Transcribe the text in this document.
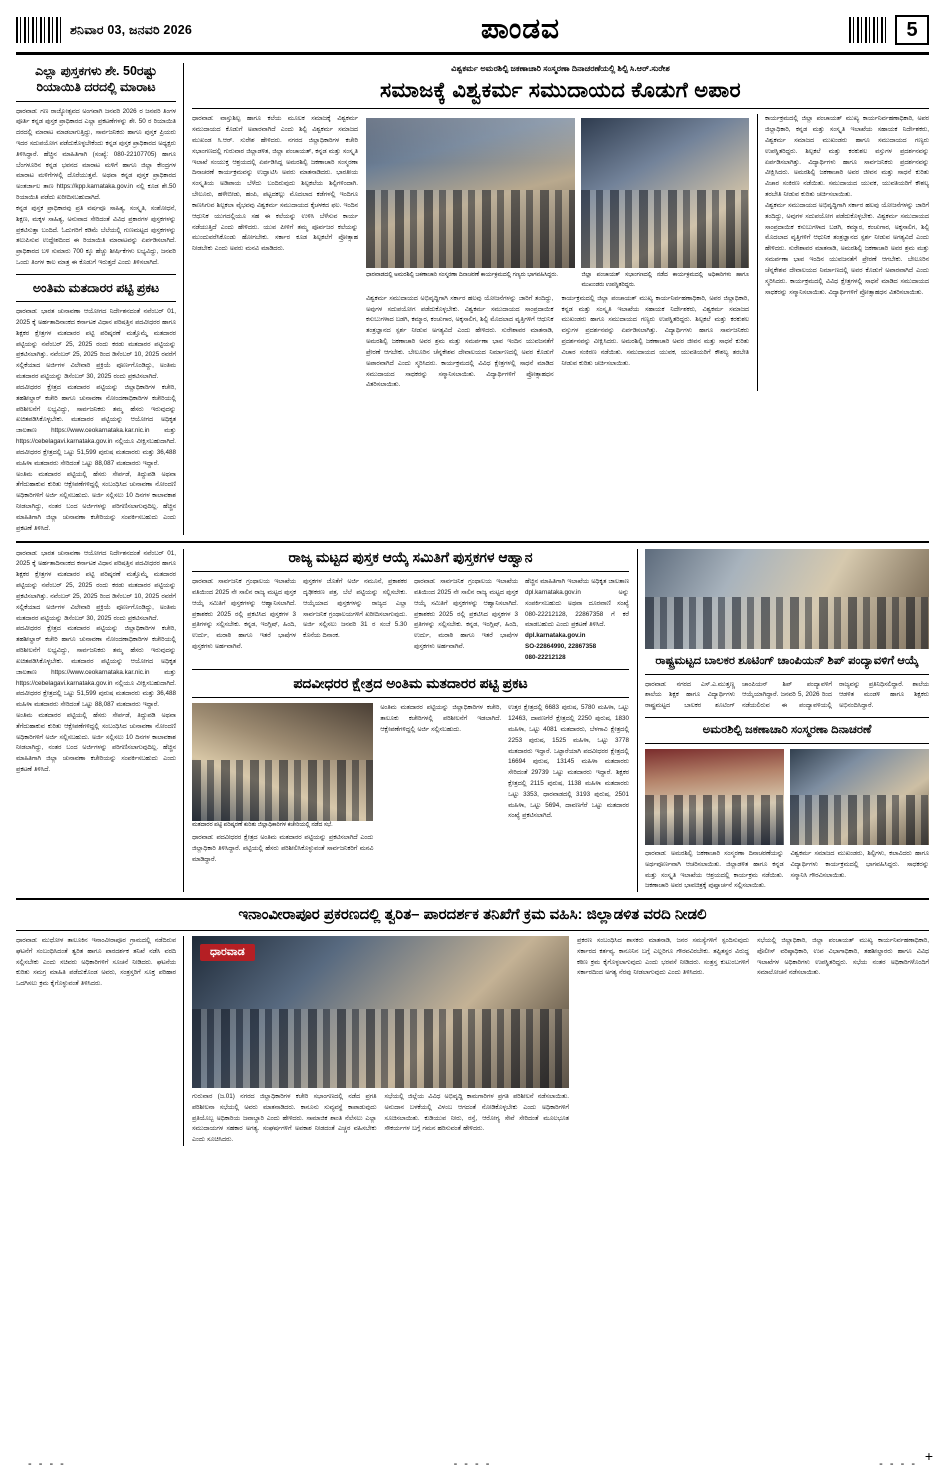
ಶನಿವಾರ 03, ಜನವರಿ 2026	ಪಾಂಡವ	5
ಎಲ್ಲಾ ಪುಸ್ತಕಗಳು ಶೇ. 50ರಷ್ಟು ರಿಯಾಯಿತಿ ದರದಲ್ಲಿ ಮಾರಾಟ
ಧಾರವಾಡ: ಗಣ ರಾಜ್ಯೋತ್ಸವದ ಅಂಗವಾಗಿ ಜನವರಿ 2026 ರ ಜನವರಿ ತಿಂಗಳ ಪೂರ್ತಿ ಕನ್ನಡ ಪುಸ್ತಕ ಪ್ರಾಧಿಕಾರದ ಎಲ್ಲಾ ಪ್ರಕಟಣೆಗಳನ್ನು ಶೇ. 50 ರ ರಿಯಾಯಿತಿ ದರದಲ್ಲಿ ಮಾರಾಟ ಮಾಡಲಾಗುತ್ತಿದ್ದು, ಸಾರ್ವಜನಿಕರು ಹಾಗೂ ಪುಸ್ತಕ ಪ್ರಿಯರು ಇದರ ಸದುಪಯೋಗ ಪಡೆದುಕೊಳ್ಳಬೇಕೆಂದು ಕನ್ನಡ ಪುಸ್ತಕ ಪ್ರಾಧಿಕಾರದ ಅಧ್ಯಕ್ಷರು ತಿಳಿಸಿದ್ದಾರೆ. ಹೆಚ್ಚಿನ ಮಾಹಿತಿಗಾಗಿ (ಸಂಖ್ಯೆ: 080-22107705) ಹಾಗೂ ಬೆಂಗಳೂರಿನ ಕನ್ನಡ ಭವನದ ಮಾರಾಟ ಮಳಿಗೆ ಹಾಗೂ ಜಿಲ್ಲಾ ಕೇಂದ್ರಗಳ ಮಾರಾಟ ಮಳಿಗೆಗಳಲ್ಲಿ ದೊರೆಯುತ್ತವೆ. ಅಥವಾ ಕನ್ನಡ ಪುಸ್ತಕ ಪ್ರಾಧಿಕಾರದ ಅಂತರ್ಜಾಲ ತಾಣ https://kpp.karnataka.gov.in ನಲ್ಲಿ ಕೂಡ ಶೇ.50 ರಿಯಾಯಿತಿ ಪಡೆದು ಖರೀದಿಸಬಹುದಾಗಿದೆ.
ಕನ್ನಡ ಪುಸ್ತಕ ಪ್ರಾಧಿಕಾರವು ಪ್ರತಿ ವರ್ಷವೂ ಸಾಹಿತ್ಯ, ಸಂಸ್ಕೃತಿ, ಸಂಶೋಧನೆ, ಶಿಕ್ಷಣ, ಮಕ್ಕಳ ಸಾಹಿತ್ಯ, ಅನುವಾದ ಸೇರಿದಂತೆ ವಿವಿಧ ಪ್ರಕಾರಗಳ ಪುಸ್ತಕಗಳನ್ನು ಪ್ರಕಟಿಸುತ್ತಾ ಬಂದಿದೆ. ಓದುಗರಿಗೆ ಕಡಿಮೆ ಬೆಲೆಯಲ್ಲಿ ಗುಣಮಟ್ಟದ ಪುಸ್ತಕಗಳನ್ನು ತಲುಪಿಸುವ ಉದ್ದೇಶದಿಂದ ಈ ರಿಯಾಯಿತಿ ಮಾರಾಟವನ್ನು ಏರ್ಪಡಿಸಲಾಗಿದೆ. ಪ್ರಾಧಿಕಾರದ ಬಳಿ ಸುಮಾರು 700 ಕ್ಕೂ ಹೆಚ್ಚು ಶೀರ್ಷಿಕೆಗಳು ಲಭ್ಯವಿದ್ದು, ಜನವರಿ ಒಂದು ತಿಂಗಳ ಕಾಲ ಮಾತ್ರ ಈ ಕೊಡುಗೆ ಇರುತ್ತದೆ ಎಂದು ತಿಳಿಸಲಾಗಿದೆ.
ಅಂತಿಮ ಮತದಾರರ ಪಟ್ಟಿ ಪ್ರಕಟ
ಧಾರವಾಡ: ಭಾರತ ಚುನಾವಣಾ ಆಯೋಗದ ನಿರ್ದೇಶನದಂತೆ ನವೆಂಬರ್ 01, 2025 ಕ್ಕೆ ಅರ್ಹತಾದಿನಾಂಕದ ಕರ್ನಾಟಕ ವಿಧಾನ ಪರಿಷತ್ತಿನ ಪದವೀಧರರ ಹಾಗೂ ಶಿಕ್ಷಕರ ಕ್ಷೇತ್ರಗಳ ಮತದಾರರ ಪಟ್ಟಿ ಪರಿಷ್ಕರಣೆ ಮತ್ತೊಮ್ಮೆ ಮತದಾರರ ಪಟ್ಟಿಯನ್ನು ನವೆಂಬರ್ 25, 2025 ರಂದು ಕರಡು ಮತದಾರರ ಪಟ್ಟಿಯನ್ನು ಪ್ರಕಟಿಸಲಾಗಿತ್ತು. ನವೆಂಬರ್ 25, 2025 ರಿಂದ ಡಿಸೆಂಬರ್ 10, 2025 ರವರೆಗೆ ಸಲ್ಲಿಕೆಯಾದ ಅರ್ಜಿಗಳ ವಿಲೇವಾರಿ ಪ್ರಕ್ರಿಯೆ ಪೂರ್ಣಗೊಂಡಿದ್ದು, ಅಂತಿಮ ಮತದಾರರ ಪಟ್ಟಿಯನ್ನು ಡಿಸೆಂಬರ್ 30, 2025 ರಂದು ಪ್ರಕಟಿಸಲಾಗಿದೆ.
ಪದವೀಧರರ ಕ್ಷೇತ್ರದ ಮತದಾರರ ಪಟ್ಟಿಯನ್ನು ಜಿಲ್ಲಾಧಿಕಾರಿಗಳ ಕಚೇರಿ, ತಹಶೀಲ್ದಾರ್ ಕಚೇರಿ ಹಾಗೂ ಚುನಾವಣಾ ನೋಂದಣಾಧಿಕಾರಿಗಳ ಕಚೇರಿಯಲ್ಲಿ ಪರಿಶೀಲನೆಗೆ ಲಭ್ಯವಿದ್ದು, ಸಾರ್ವಜನಿಕರು ತಮ್ಮ ಹೆಸರು ಇರುವುದನ್ನು ಖಚಿತಪಡಿಸಿಕೊಳ್ಳಬೇಕು. ಮತದಾರರ ಪಟ್ಟಿಯನ್ನು ಆಯೋಗದ ಅಧಿಕೃತ ಜಾಲತಾಣ https://www.ceokarnataka.kar.nic.in ಮತ್ತು https://cebelagavi.karnataka.gov.in ನಲ್ಲಿಯೂ ವೀಕ್ಷಿಸಬಹುದಾಗಿದೆ. ಪದವೀಧರರ ಕ್ಷೇತ್ರದಲ್ಲಿ ಒಟ್ಟು 51,599 ಪುರುಷ ಮತದಾರರು ಮತ್ತು 36,488 ಮಹಿಳಾ ಮತದಾರರು ಸೇರಿದಂತೆ ಒಟ್ಟು 88,087 ಮತದಾರರು ಇದ್ದಾರೆ.
ಅಂತಿಮ ಮತದಾರರ ಪಟ್ಟಿಯಲ್ಲಿ ಹೆಸರು ಸೇರ್ಪಡೆ, ತಿದ್ದುಪಡಿ ಅಥವಾ ತೆಗೆದುಹಾಕುವ ಕುರಿತು ಆಕ್ಷೇಪಣೆಗಳಿದ್ದಲ್ಲಿ ಸಂಬಂಧಿಸಿದ ಚುನಾವಣಾ ನೋಂದಣಿ ಅಧಿಕಾರಿಗಳಿಗೆ ಅರ್ಜಿ ಸಲ್ಲಿಸಬಹುದು. ಅರ್ಜಿ ಸಲ್ಲಿಸಲು 10 ದಿನಗಳ ಕಾಲಾವಕಾಶ ನೀಡಲಾಗಿದ್ದು, ನಂತರ ಬಂದ ಅರ್ಜಿಗಳನ್ನು ಪರಿಗಣಿಸಲಾಗುವುದಿಲ್ಲ. ಹೆಚ್ಚಿನ ಮಾಹಿತಿಗಾಗಿ ಜಿಲ್ಲಾ ಚುನಾವಣಾ ಕಚೇರಿಯನ್ನು ಸಂಪರ್ಕಿಸಬಹುದು ಎಂದು ಪ್ರಕಟಣೆ ತಿಳಿಸಿದೆ.
ವಿಶ್ವಕರ್ಮ ಅಮರಶಿಲ್ಪಿ ಜಕಣಾಚಾರಿ ಸಂಸ್ಮರಣಾ ದಿನಾಚರಣೆಯಲ್ಲಿ ಶಿಲ್ಪಿ ಸಿ.ಆರ್.ಸುರೇಶ
ಸಮಾಜಕ್ಕೆ ವಿಶ್ವಕರ್ಮ ಸಮುದಾಯದ ಕೊಡುಗೆ ಅಪಾರ
ಧಾರವಾಡ: ವಾಸ್ತುಶಿಲ್ಪ ಹಾಗೂ ಕಲೆಯ ಮೂಲಕ ಸಮಾಜಕ್ಕೆ ವಿಶ್ವಕರ್ಮ ಸಮುದಾಯದ ಕೊಡುಗೆ ಅಪಾರವಾಗಿದೆ ಎಂದು ಶಿಲ್ಪಿ ವಿಶ್ವಕರ್ಮ ಸಮಾಜದ ಮುಖಂಡ ಸಿ.ಆರ್. ಸುರೇಶ ಹೇಳಿದರು. ನಗರದ ಜಿಲ್ಲಾಧಿಕಾರಿಗಳ ಕಚೇರಿ ಸಭಾಂಗಣದಲ್ಲಿ ಗುರುವಾರ ಜಿಲ್ಲಾಡಳಿತ, ಜಿಲ್ಲಾ ಪಂಚಾಯತ್, ಕನ್ನಡ ಮತ್ತು ಸಂಸ್ಕೃತಿ ಇಲಾಖೆ ಸಂಯುಕ್ತ ಆಶ್ರಯದಲ್ಲಿ ಏರ್ಪಡಿಸಿದ್ದ ಅಮರಶಿಲ್ಪಿ ಜಕಣಾಚಾರಿ ಸಂಸ್ಮರಣಾ ದಿನಾಚರಣೆ ಕಾರ್ಯಕ್ರಮವನ್ನು ಉದ್ಘಾಟಿಸಿ ಅವರು ಮಾತನಾಡಿದರು. ಭಾರತೀಯ ಸಂಸ್ಕೃತಿಯ ಅಡಿಪಾಯ ಬೆಳೆದು ಬಂದಿರುವುದು ಶಿಲ್ಪಕಲೆಯ ಶಿಲ್ಪಿಗಳಿಂದಾಗಿ. ಬೇಲೂರು, ಹಳೇಬೀಡು, ಹಂಪಿ, ಪಟ್ಟದಕಲ್ಲು ಮೊದಲಾದ ಕಡೆಗಳಲ್ಲಿ ಇಂದಿಗೂ ಕಾಣಸಿಗುವ ಶಿಲ್ಪಕಲಾ ವೈಭವವು ವಿಶ್ವಕರ್ಮ ಸಮುದಾಯದ ಕೈಚಳಕದ ಫಲ. ಇಂದಿನ ಆಧುನಿಕ ಯುಗದಲ್ಲಿಯೂ ಸಹ ಈ ಕಲೆಯನ್ನು ಉಳಿಸಿ ಬೆಳೆಸುವ ಕಾರ್ಯ ನಡೆಯುತ್ತಿದೆ ಎಂದು ಹೇಳಿದರು. ಯುವ ಪೀಳಿಗೆ ತಮ್ಮ ಪೂರ್ವಜರ ಕಲೆಯನ್ನು ಮುಂದುವರೆಸಿಕೊಂಡು ಹೋಗಬೇಕು. ಸರ್ಕಾರ ಕೂಡ ಶಿಲ್ಪಕಲೆಗೆ ಪ್ರೋತ್ಸಾಹ ನೀಡಬೇಕು ಎಂದು ಅವರು ಮನವಿ ಮಾಡಿದರು.
ಧಾರವಾಡದಲ್ಲಿ ಅಮರಶಿಲ್ಪಿ ಜಕಣಾಚಾರಿ ಸಂಸ್ಮರಣಾ ದಿನಾಚರಣೆ ಕಾರ್ಯಕ್ರಮದಲ್ಲಿ ಗಣ್ಯರು ಭಾಗವಹಿಸಿದ್ದರು.	ಜಿಲ್ಲಾ ಪಂಚಾಯತ್ ಸಭಾಂಗಣದಲ್ಲಿ ನಡೆದ ಕಾರ್ಯಕ್ರಮದಲ್ಲಿ ಅಧಿಕಾರಿಗಳು ಹಾಗೂ ಮುಖಂಡರು ಉಪಸ್ಥಿತರಿದ್ದರು.
ವಿಶ್ವಕರ್ಮ ಸಮುದಾಯದ ಅಭಿವೃದ್ಧಿಗಾಗಿ ಸರ್ಕಾರ ಹಲವು ಯೋಜನೆಗಳನ್ನು ಜಾರಿಗೆ ತಂದಿದ್ದು, ಅವುಗಳ ಸದುಪಯೋಗ ಪಡೆದುಕೊಳ್ಳಬೇಕು. ವಿಶ್ವಕರ್ಮ ಸಮುದಾಯದ ಸಾಂಪ್ರದಾಯಿಕ ಕಸುಬುಗಳಾದ ಬಡಗಿ, ಕಮ್ಮಾರ, ಕಂಚುಗಾರ, ಅಕ್ಕಸಾಲಿಗ, ಶಿಲ್ಪಿ ಮೊದಲಾದ ವೃತ್ತಿಗಳಿಗೆ ಆಧುನಿಕ ತಂತ್ರಜ್ಞಾನದ ಸ್ಪರ್ಶ ನೀಡುವ ಅಗತ್ಯವಿದೆ ಎಂದು ಹೇಳಿದರು. ಸುರೇಶಾವರ ಮಾತನಾಡಿ, ಅಮರಶಿಲ್ಪಿ ಜಕಣಾಚಾರಿ ಅವರ ಶ್ರಮ ಮತ್ತು ಸಮರ್ಪಣಾ ಭಾವ ಇಂದಿನ ಯುವಜನತೆಗೆ ಪ್ರೇರಣೆ ಆಗಬೇಕು. ಬೇಲೂರಿನ ಚೆನ್ನಕೇಶವ ದೇವಾಲಯದ ನಿರ್ಮಾಣದಲ್ಲಿ ಅವರ ಕೊಡುಗೆ ಅಪಾರವಾಗಿದೆ ಎಂದು ಸ್ಮರಿಸಿದರು. ಕಾರ್ಯಕ್ರಮದಲ್ಲಿ ವಿವಿಧ ಕ್ಷೇತ್ರಗಳಲ್ಲಿ ಸಾಧನೆ ಮಾಡಿದ ಸಮುದಾಯದ ಸಾಧಕರನ್ನು ಸನ್ಮಾನಿಸಲಾಯಿತು. ವಿದ್ಯಾರ್ಥಿಗಳಿಗೆ ಪ್ರೋತ್ಸಾಹಧನ ವಿತರಿಸಲಾಯಿತು.
ಕಾರ್ಯಕ್ರಮದಲ್ಲಿ ಜಿಲ್ಲಾ ಪಂಚಾಯತ್ ಮುಖ್ಯ ಕಾರ್ಯನಿರ್ವಹಣಾಧಿಕಾರಿ, ಅಪರ ಜಿಲ್ಲಾಧಿಕಾರಿ, ಕನ್ನಡ ಮತ್ತು ಸಂಸ್ಕೃತಿ ಇಲಾಖೆಯ ಸಹಾಯಕ ನಿರ್ದೇಶಕರು, ವಿಶ್ವಕರ್ಮ ಸಮಾಜದ ಮುಖಂಡರು ಹಾಗೂ ಸಮುದಾಯದ ಗಣ್ಯರು ಉಪಸ್ಥಿತರಿದ್ದರು. ಶಿಲ್ಪಕಲೆ ಮತ್ತು ಕರಕುಶಲ ವಸ್ತುಗಳ ಪ್ರದರ್ಶನವನ್ನು ಏರ್ಪಡಿಸಲಾಗಿತ್ತು. ವಿದ್ಯಾರ್ಥಿಗಳು ಹಾಗೂ ಸಾರ್ವಜನಿಕರು ಪ್ರದರ್ಶನವನ್ನು ವೀಕ್ಷಿಸಿದರು. ಅಮರಶಿಲ್ಪಿ ಜಕಣಾಚಾರಿ ಅವರ ಜೀವನ ಮತ್ತು ಸಾಧನೆ ಕುರಿತು ವಿಚಾರ ಸಂಕಿರಣ ನಡೆಯಿತು. ಸಮುದಾಯದ ಯುವಕ, ಯುವತಿಯರಿಗೆ ಕೌಶಲ್ಯ ತರಬೇತಿ ನೀಡುವ ಕುರಿತು ಚರ್ಚಿಸಲಾಯಿತು.
ಕಾರ್ಯಕ್ರಮದಲ್ಲಿ ಜಿಲ್ಲಾ ಪಂಚಾಯತ್ ಮುಖ್ಯ ಕಾರ್ಯನಿರ್ವಹಣಾಧಿಕಾರಿ, ಅಪರ ಜಿಲ್ಲಾಧಿಕಾರಿ, ಕನ್ನಡ ಮತ್ತು ಸಂಸ್ಕೃತಿ ಇಲಾಖೆಯ ಸಹಾಯಕ ನಿರ್ದೇಶಕರು, ವಿಶ್ವಕರ್ಮ ಸಮಾಜದ ಮುಖಂಡರು ಹಾಗೂ ಸಮುದಾಯದ ಗಣ್ಯರು ಉಪಸ್ಥಿತರಿದ್ದರು. ಶಿಲ್ಪಕಲೆ ಮತ್ತು ಕರಕುಶಲ ವಸ್ತುಗಳ ಪ್ರದರ್ಶನವನ್ನು ಏರ್ಪಡಿಸಲಾಗಿತ್ತು. ವಿದ್ಯಾರ್ಥಿಗಳು ಹಾಗೂ ಸಾರ್ವಜನಿಕರು ಪ್ರದರ್ಶನವನ್ನು ವೀಕ್ಷಿಸಿದರು. ಅಮರಶಿಲ್ಪಿ ಜಕಣಾಚಾರಿ ಅವರ ಜೀವನ ಮತ್ತು ಸಾಧನೆ ಕುರಿತು ವಿಚಾರ ಸಂಕಿರಣ ನಡೆಯಿತು. ಸಮುದಾಯದ ಯುವಕ, ಯುವತಿಯರಿಗೆ ಕೌಶಲ್ಯ ತರಬೇತಿ ನೀಡುವ ಕುರಿತು ಚರ್ಚಿಸಲಾಯಿತು.
ವಿಶ್ವಕರ್ಮ ಸಮುದಾಯದ ಅಭಿವೃದ್ಧಿಗಾಗಿ ಸರ್ಕಾರ ಹಲವು ಯೋಜನೆಗಳನ್ನು ಜಾರಿಗೆ ತಂದಿದ್ದು, ಅವುಗಳ ಸದುಪಯೋಗ ಪಡೆದುಕೊಳ್ಳಬೇಕು. ವಿಶ್ವಕರ್ಮ ಸಮುದಾಯದ ಸಾಂಪ್ರದಾಯಿಕ ಕಸುಬುಗಳಾದ ಬಡಗಿ, ಕಮ್ಮಾರ, ಕಂಚುಗಾರ, ಅಕ್ಕಸಾಲಿಗ, ಶಿಲ್ಪಿ ಮೊದಲಾದ ವೃತ್ತಿಗಳಿಗೆ ಆಧುನಿಕ ತಂತ್ರಜ್ಞಾನದ ಸ್ಪರ್ಶ ನೀಡುವ ಅಗತ್ಯವಿದೆ ಎಂದು ಹೇಳಿದರು. ಸುರೇಶಾವರ ಮಾತನಾಡಿ, ಅಮರಶಿಲ್ಪಿ ಜಕಣಾಚಾರಿ ಅವರ ಶ್ರಮ ಮತ್ತು ಸಮರ್ಪಣಾ ಭಾವ ಇಂದಿನ ಯುವಜನತೆಗೆ ಪ್ರೇರಣೆ ಆಗಬೇಕು. ಬೇಲೂರಿನ ಚೆನ್ನಕೇಶವ ದೇವಾಲಯದ ನಿರ್ಮಾಣದಲ್ಲಿ ಅವರ ಕೊಡುಗೆ ಅಪಾರವಾಗಿದೆ ಎಂದು ಸ್ಮರಿಸಿದರು. ಕಾರ್ಯಕ್ರಮದಲ್ಲಿ ವಿವಿಧ ಕ್ಷೇತ್ರಗಳಲ್ಲಿ ಸಾಧನೆ ಮಾಡಿದ ಸಮುದಾಯದ ಸಾಧಕರನ್ನು ಸನ್ಮಾನಿಸಲಾಯಿತು. ವಿದ್ಯಾರ್ಥಿಗಳಿಗೆ ಪ್ರೋತ್ಸಾಹಧನ ವಿತರಿಸಲಾಯಿತು.
ಧಾರವಾಡ: ಭಾರತ ಚುನಾವಣಾ ಆಯೋಗದ ನಿರ್ದೇಶನದಂತೆ ನವೆಂಬರ್ 01, 2025 ಕ್ಕೆ ಅರ್ಹತಾದಿನಾಂಕದ ಕರ್ನಾಟಕ ವಿಧಾನ ಪರಿಷತ್ತಿನ ಪದವೀಧರರ ಹಾಗೂ ಶಿಕ್ಷಕರ ಕ್ಷೇತ್ರಗಳ ಮತದಾರರ ಪಟ್ಟಿ ಪರಿಷ್ಕರಣೆ ಮತ್ತೊಮ್ಮೆ ಮತದಾರರ ಪಟ್ಟಿಯನ್ನು ನವೆಂಬರ್ 25, 2025 ರಂದು ಕರಡು ಮತದಾರರ ಪಟ್ಟಿಯನ್ನು ಪ್ರಕಟಿಸಲಾಗಿತ್ತು. ನವೆಂಬರ್ 25, 2025 ರಿಂದ ಡಿಸೆಂಬರ್ 10, 2025 ರವರೆಗೆ ಸಲ್ಲಿಕೆಯಾದ ಅರ್ಜಿಗಳ ವಿಲೇವಾರಿ ಪ್ರಕ್ರಿಯೆ ಪೂರ್ಣಗೊಂಡಿದ್ದು, ಅಂತಿಮ ಮತದಾರರ ಪಟ್ಟಿಯನ್ನು ಡಿಸೆಂಬರ್ 30, 2025 ರಂದು ಪ್ರಕಟಿಸಲಾಗಿದೆ.
ಪದವೀಧರರ ಕ್ಷೇತ್ರದ ಮತದಾರರ ಪಟ್ಟಿಯನ್ನು ಜಿಲ್ಲಾಧಿಕಾರಿಗಳ ಕಚೇರಿ, ತಹಶೀಲ್ದಾರ್ ಕಚೇರಿ ಹಾಗೂ ಚುನಾವಣಾ ನೋಂದಣಾಧಿಕಾರಿಗಳ ಕಚೇರಿಯಲ್ಲಿ ಪರಿಶೀಲನೆಗೆ ಲಭ್ಯವಿದ್ದು, ಸಾರ್ವಜನಿಕರು ತಮ್ಮ ಹೆಸರು ಇರುವುದನ್ನು ಖಚಿತಪಡಿಸಿಕೊಳ್ಳಬೇಕು. ಮತದಾರರ ಪಟ್ಟಿಯನ್ನು ಆಯೋಗದ ಅಧಿಕೃತ ಜಾಲತಾಣ https://www.ceokarnataka.kar.nic.in ಮತ್ತು https://cebelagavi.karnataka.gov.in ನಲ್ಲಿಯೂ ವೀಕ್ಷಿಸಬಹುದಾಗಿದೆ. ಪದವೀಧರರ ಕ್ಷೇತ್ರದಲ್ಲಿ ಒಟ್ಟು 51,599 ಪುರುಷ ಮತದಾರರು ಮತ್ತು 36,488 ಮಹಿಳಾ ಮತದಾರರು ಸೇರಿದಂತೆ ಒಟ್ಟು 88,087 ಮತದಾರರು ಇದ್ದಾರೆ.
ಅಂತಿಮ ಮತದಾರರ ಪಟ್ಟಿಯಲ್ಲಿ ಹೆಸರು ಸೇರ್ಪಡೆ, ತಿದ್ದುಪಡಿ ಅಥವಾ ತೆಗೆದುಹಾಕುವ ಕುರಿತು ಆಕ್ಷೇಪಣೆಗಳಿದ್ದಲ್ಲಿ ಸಂಬಂಧಿಸಿದ ಚುನಾವಣಾ ನೋಂದಣಿ ಅಧಿಕಾರಿಗಳಿಗೆ ಅರ್ಜಿ ಸಲ್ಲಿಸಬಹುದು. ಅರ್ಜಿ ಸಲ್ಲಿಸಲು 10 ದಿನಗಳ ಕಾಲಾವಕಾಶ ನೀಡಲಾಗಿದ್ದು, ನಂತರ ಬಂದ ಅರ್ಜಿಗಳನ್ನು ಪರಿಗಣಿಸಲಾಗುವುದಿಲ್ಲ. ಹೆಚ್ಚಿನ ಮಾಹಿತಿಗಾಗಿ ಜಿಲ್ಲಾ ಚುನಾವಣಾ ಕಚೇರಿಯನ್ನು ಸಂಪರ್ಕಿಸಬಹುದು ಎಂದು ಪ್ರಕಟಣೆ ತಿಳಿಸಿದೆ.
ರಾಜ್ಯ ಮಟ್ಟದ ಪುಸ್ತಕ ಆಯ್ಕೆ ಸಮಿತಿಗೆ ಪುಸ್ತಕಗಳ ಆಹ್ವಾನ
ಧಾರವಾಡ: ಸಾರ್ವಜನಿಕ ಗ್ರಂಥಾಲಯ ಇಲಾಖೆಯ ವತಿಯಿಂದ 2025 ನೇ ಸಾಲಿನ ರಾಜ್ಯ ಮಟ್ಟದ ಪುಸ್ತಕ ಆಯ್ಕೆ ಸಮಿತಿಗೆ ಪುಸ್ತಕಗಳನ್ನು ಆಹ್ವಾನಿಸಲಾಗಿದೆ. ಪ್ರಕಾಶಕರು 2025 ರಲ್ಲಿ ಪ್ರಕಟಿಸಿದ ಪುಸ್ತಕಗಳ 3 ಪ್ರತಿಗಳನ್ನು ಸಲ್ಲಿಸಬೇಕು. ಕನ್ನಡ, ಇಂಗ್ಲಿಷ್, ಹಿಂದಿ, ಉರ್ದು, ಮರಾಠಿ ಹಾಗೂ ಇತರೆ ಭಾಷೆಗಳ ಪುಸ್ತಕಗಳು ಅರ್ಹವಾಗಿವೆ.
ಪುಸ್ತಕಗಳ ಜೊತೆಗೆ ಅರ್ಜಿ ನಮೂನೆ, ಪ್ರಕಾಶಕರ ದೃಢೀಕರಣ ಪತ್ರ, ಬೆಲೆ ಪಟ್ಟಿಯನ್ನು ಸಲ್ಲಿಸಬೇಕು. ಆಯ್ಕೆಯಾದ ಪುಸ್ತಕಗಳನ್ನು ರಾಜ್ಯದ ಎಲ್ಲಾ ಸಾರ್ವಜನಿಕ ಗ್ರಂಥಾಲಯಗಳಿಗೆ ಖರೀದಿಸಲಾಗುವುದು. ಅರ್ಜಿ ಸಲ್ಲಿಸಲು ಜನವರಿ 31 ರ ಸಂಜೆ 5.30 ಕೊನೆಯ ದಿನಾಂಕ.
ಧಾರವಾಡ: ಸಾರ್ವಜನಿಕ ಗ್ರಂಥಾಲಯ ಇಲಾಖೆಯ ವತಿಯಿಂದ 2025 ನೇ ಸಾಲಿನ ರಾಜ್ಯ ಮಟ್ಟದ ಪುಸ್ತಕ ಆಯ್ಕೆ ಸಮಿತಿಗೆ ಪುಸ್ತಕಗಳನ್ನು ಆಹ್ವಾನಿಸಲಾಗಿದೆ. ಪ್ರಕಾಶಕರು 2025 ರಲ್ಲಿ ಪ್ರಕಟಿಸಿದ ಪುಸ್ತಕಗಳ 3 ಪ್ರತಿಗಳನ್ನು ಸಲ್ಲಿಸಬೇಕು. ಕನ್ನಡ, ಇಂಗ್ಲಿಷ್, ಹಿಂದಿ, ಉರ್ದು, ಮರಾಠಿ ಹಾಗೂ ಇತರೆ ಭಾಷೆಗಳ ಪುಸ್ತಕಗಳು ಅರ್ಹವಾಗಿವೆ.
ಹೆಚ್ಚಿನ ಮಾಹಿತಿಗಾಗಿ ಇಲಾಖೆಯ ಅಧಿಕೃತ ಜಾಲತಾಣ dpl.karnataka.gov.in ಅನ್ನು ಸಂಪರ್ಕಿಸಬಹುದು ಅಥವಾ ದೂರವಾಣಿ ಸಂಖ್ಯೆ 080-22212128, 22867358 ಗೆ ಕರೆ ಮಾಡಬಹುದು ಎಂದು ಪ್ರಕಟಣೆ ತಿಳಿಸಿದೆ.
dpl.karnataka.gov.in
SO-22864990, 22867358
080-22212128
ಪದವೀಧರರ ಕ್ಷೇತ್ರದ ಅಂತಿಮ ಮತದಾರರ ಪಟ್ಟಿ ಪ್ರಕಟ
ಮತದಾರರ ಪಟ್ಟಿ ಪರಿಷ್ಕರಣೆ ಕುರಿತು ಜಿಲ್ಲಾಧಿಕಾರಿಗಳ ಕಚೇರಿಯಲ್ಲಿ ನಡೆದ ಸಭೆ.
ಧಾರವಾಡ: ಪದವೀಧರರ ಕ್ಷೇತ್ರದ ಅಂತಿಮ ಮತದಾರರ ಪಟ್ಟಿಯನ್ನು ಪ್ರಕಟಿಸಲಾಗಿದೆ ಎಂದು ಜಿಲ್ಲಾಧಿಕಾರಿ ತಿಳಿಸಿದ್ದಾರೆ. ಪಟ್ಟಿಯಲ್ಲಿ ಹೆಸರು ಪರಿಶೀಲಿಸಿಕೊಳ್ಳುವಂತೆ ಸಾರ್ವಜನಿಕರಿಗೆ ಮನವಿ ಮಾಡಿದ್ದಾರೆ.
ಅಂತಿಮ ಮತದಾರರ ಪಟ್ಟಿಯನ್ನು ಜಿಲ್ಲಾಧಿಕಾರಿಗಳ ಕಚೇರಿ, ತಾಲೂಕು ಕಚೇರಿಗಳಲ್ಲಿ ಪರಿಶೀಲನೆಗೆ ಇಡಲಾಗಿದೆ. ಆಕ್ಷೇಪಣೆಗಳಿದ್ದಲ್ಲಿ ಅರ್ಜಿ ಸಲ್ಲಿಸಬಹುದು.
ಉತ್ತರ ಕ್ಷೇತ್ರದಲ್ಲಿ 6683 ಪುರುಷ, 5780 ಮಹಿಳಾ, ಒಟ್ಟು 12463, ದಾವಣಗೆರೆ ಕ್ಷೇತ್ರದಲ್ಲಿ 2250 ಪುರುಷ, 1830 ಮಹಿಳಾ, ಒಟ್ಟು 4081 ಮತದಾರರು, ಬೆಳಗಾವಿ ಕ್ಷೇತ್ರದಲ್ಲಿ 2253 ಪುರುಷ, 1525 ಮಹಿಳಾ, ಒಟ್ಟು 3778 ಮತದಾರರು ಇದ್ದಾರೆ. ಒಟ್ಟಾರೆಯಾಗಿ ಪದವೀಧರರ ಕ್ಷೇತ್ರದಲ್ಲಿ 16694 ಪುರುಷ, 13145 ಮಹಿಳಾ ಮತದಾರರು ಸೇರಿದಂತೆ 29739 ಒಟ್ಟು ಮತದಾರರು ಇದ್ದಾರೆ. ಶಿಕ್ಷಕರ ಕ್ಷೇತ್ರದಲ್ಲಿ 2115 ಪುರುಷ, 1138 ಮಹಿಳಾ ಮತದಾರರು ಒಟ್ಟು 3353, ಧಾರವಾಡದಲ್ಲಿ 3193 ಪುರುಷ, 2501 ಮಹಿಳಾ, ಒಟ್ಟು 5694, ದಾವಣಗೆರೆ ಒಟ್ಟು ಮತದಾರರ ಸಂಖ್ಯೆ ಪ್ರಕಟಿಸಲಾಗಿದೆ.
ರಾಷ್ಟ್ರಮಟ್ಟದ ಬಾಲಕರ ಶೂಟಿಂಗ್ ಚಾಂಪಿಯನ್ ಶಿಪ್ ಪಂದ್ಯಾವಳಿಗೆ ಆಯ್ಕೆ
ಧಾರವಾಡ: ನಗರದ ಎಸ್.ಎ.ಮುತ್ತಣ್ಣ ಶಾಲೆಯ ಶಿಕ್ಷಕ ಹಾಗೂ ವಿದ್ಯಾರ್ಥಿಗಳು ರಾಷ್ಟ್ರಮಟ್ಟದ ಬಾಲಕರ ಶೂಟಿಂಗ್ ಚಾಂಪಿಯನ್ ಶಿಪ್ ಪಂದ್ಯಾವಳಿಗೆ ಆಯ್ಕೆಯಾಗಿದ್ದಾರೆ. ಜನವರಿ 5, 2026 ರಿಂದ ನಡೆಯಲಿರುವ ಈ ಪಂದ್ಯಾವಳಿಯಲ್ಲಿ ರಾಜ್ಯವನ್ನು ಪ್ರತಿನಿಧಿಸಲಿದ್ದಾರೆ. ಶಾಲೆಯ ಆಡಳಿತ ಮಂಡಳಿ ಹಾಗೂ ಶಿಕ್ಷಕರು ಅಭಿನಂದಿಸಿದ್ದಾರೆ.
ಅಮರಶಿಲ್ಪಿ ಜಕಣಾಚಾರಿ ಸಂಸ್ಮರಣಾ ದಿನಾಚರಣೆ
ಧಾರವಾಡ: ಅಮರಶಿಲ್ಪಿ ಜಕಣಾಚಾರಿ ಸಂಸ್ಮರಣಾ ದಿನಾಚರಣೆಯನ್ನು ಅರ್ಥಪೂರ್ಣವಾಗಿ ಆಚರಿಸಲಾಯಿತು. ಜಿಲ್ಲಾಡಳಿತ ಹಾಗೂ ಕನ್ನಡ ಮತ್ತು ಸಂಸ್ಕೃತಿ ಇಲಾಖೆಯ ಆಶ್ರಯದಲ್ಲಿ ಕಾರ್ಯಕ್ರಮ ನಡೆಯಿತು. ಜಕಣಾಚಾರಿ ಅವರ ಭಾವಚಿತ್ರಕ್ಕೆ ಪುಷ್ಪಾರ್ಚನೆ ಸಲ್ಲಿಸಲಾಯಿತು.
ವಿಶ್ವಕರ್ಮ ಸಮಾಜದ ಮುಖಂಡರು, ಶಿಲ್ಪಿಗಳು, ಕಲಾವಿದರು ಹಾಗೂ ವಿದ್ಯಾರ್ಥಿಗಳು ಕಾರ್ಯಕ್ರಮದಲ್ಲಿ ಭಾಗವಹಿಸಿದ್ದರು. ಸಾಧಕರನ್ನು ಸನ್ಮಾನಿಸಿ ಗೌರವಿಸಲಾಯಿತು.
ಇನಾಂವೀರಾಪೂರ ಪ್ರಕರಣದಲ್ಲಿ ತ್ವರಿತ– ಪಾರದರ್ಶಕ ತನಿಖೆಗೆ ಕ್ರಮ ವಹಿಸಿ: ಜಿಲ್ಲಾಡಳಿತ ವರದಿ ನೀಡಲಿ
ಧಾರವಾಡ: ಮುಧೋಳ ತಾಲೂಕಿನ ಇನಾಂವೀರಾಪೂರ ಗ್ರಾಮದಲ್ಲಿ ನಡೆದಿರುವ ಘಟನೆಗೆ ಸಂಬಂಧಿಸಿದಂತೆ ತ್ವರಿತ ಹಾಗೂ ಪಾರದರ್ಶಕ ತನಿಖೆ ನಡೆಸಿ ವರದಿ ಸಲ್ಲಿಸಬೇಕು ಎಂದು ಸಚಿವರು ಅಧಿಕಾರಿಗಳಿಗೆ ಸೂಚನೆ ನೀಡಿದರು. ಘಟನೆಯ ಕುರಿತು ಸಮಗ್ರ ಮಾಹಿತಿ ಪಡೆದುಕೊಂಡ ಅವರು, ಸಂತ್ರಸ್ತರಿಗೆ ಸೂಕ್ತ ಪರಿಹಾರ ಒದಗಿಸಲು ಕ್ರಮ ಕೈಗೊಳ್ಳುವಂತೆ ತಿಳಿಸಿದರು.
ಧಾರವಾಡ
ಗುರುವಾರ (ಜ.01) ನಗರದ ಜಿಲ್ಲಾಧಿಕಾರಿಗಳ ಕಚೇರಿ ಸಭಾಂಗಣದಲ್ಲಿ ನಡೆದ ಪ್ರಗತಿ ಪರಿಶೀಲನಾ ಸಭೆಯಲ್ಲಿ ಅವರು ಮಾತನಾಡಿದರು. ಕಾನೂನು ಸುವ್ಯವಸ್ಥೆ ಕಾಪಾಡುವುದು ಪ್ರತಿಯೊಬ್ಬ ಅಧಿಕಾರಿಯ ಜವಾಬ್ದಾರಿ ಎಂದು ಹೇಳಿದರು. ಸಾಮಾಜಿಕ ಶಾಂತಿ ನೆಲೆಸಲು ಎಲ್ಲಾ ಸಮುದಾಯಗಳ ಸಹಕಾರ ಅಗತ್ಯ. ಸಂಘರ್ಷಗಳಿಗೆ ಅವಕಾಶ ನೀಡದಂತೆ ಎಚ್ಚರ ವಹಿಸಬೇಕು ಎಂದು ಸೂಚಿಸಿದರು.
ಸಭೆಯಲ್ಲಿ ಜಿಲ್ಲೆಯ ವಿವಿಧ ಅಭಿವೃದ್ಧಿ ಕಾಮಗಾರಿಗಳ ಪ್ರಗತಿ ಪರಿಶೀಲನೆ ನಡೆಸಲಾಯಿತು. ಅನುದಾನ ಬಳಕೆಯಲ್ಲಿ ವಿಳಂಬ ಆಗದಂತೆ ನೋಡಿಕೊಳ್ಳಬೇಕು ಎಂದು ಅಧಿಕಾರಿಗಳಿಗೆ ಸೂಚಿಸಲಾಯಿತು. ಕುಡಿಯುವ ನೀರು, ರಸ್ತೆ, ಆರೋಗ್ಯ ಸೇವೆ ಸೇರಿದಂತೆ ಮೂಲಭೂತ ಸೌಕರ್ಯಗಳ ಬಗ್ಗೆ ಗಮನ ಹರಿಸುವಂತೆ ಹೇಳಿದರು.
ಪ್ರಕರಣ ಸಂಬಂಧಿಸಿದ ಶಾಸಕರು ಮಾತನಾಡಿ, ಜನರ ಸಮಸ್ಯೆಗಳಿಗೆ ಸ್ಪಂದಿಸುವುದು ಸರ್ಕಾರದ ಕರ್ತವ್ಯ. ಕಾನೂನಿನ ಬಗ್ಗೆ ಎಲ್ಲರಿಗೂ ಗೌರವವಿರಬೇಕು. ತಪ್ಪಿತಸ್ಥರ ವಿರುದ್ಧ ಕಠಿಣ ಕ್ರಮ ಕೈಗೊಳ್ಳಲಾಗುವುದು ಎಂದು ಭರವಸೆ ನೀಡಿದರು. ಸಂತ್ರಸ್ತ ಕುಟುಂಬಗಳಿಗೆ ಸರ್ಕಾರದಿಂದ ಅಗತ್ಯ ನೆರವು ನೀಡಲಾಗುವುದು ಎಂದು ತಿಳಿಸಿದರು.
ಸಭೆಯಲ್ಲಿ ಜಿಲ್ಲಾಧಿಕಾರಿ, ಜಿಲ್ಲಾ ಪಂಚಾಯತ್ ಮುಖ್ಯ ಕಾರ್ಯನಿರ್ವಹಣಾಧಿಕಾರಿ, ಪೊಲೀಸ್ ವರಿಷ್ಠಾಧಿಕಾರಿ, ಉಪ ವಿಭಾಗಾಧಿಕಾರಿ, ತಹಶೀಲ್ದಾರರು ಹಾಗೂ ವಿವಿಧ ಇಲಾಖೆಗಳ ಅಧಿಕಾರಿಗಳು ಉಪಸ್ಥಿತರಿದ್ದರು. ಸಭೆಯ ನಂತರ ಅಧಿಕಾರಿಗಳೊಂದಿಗೆ ಸಮಾಲೋಚನೆ ನಡೆಸಲಾಯಿತು.
- - - -	- - - -	- - - - +
